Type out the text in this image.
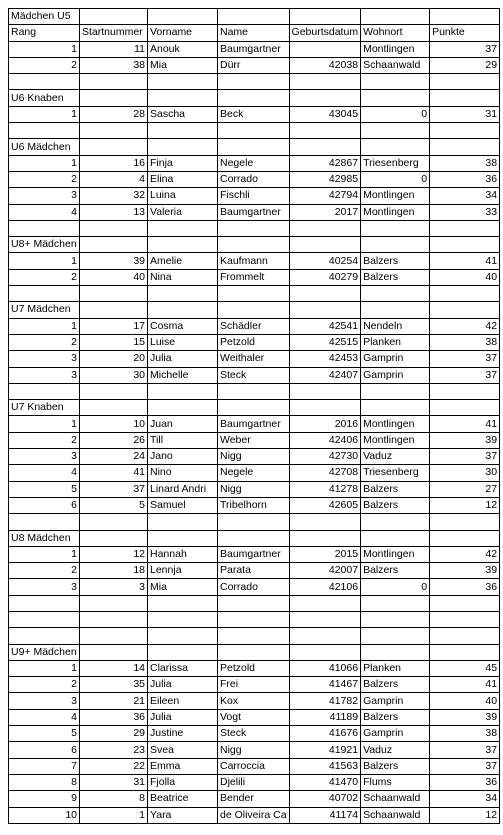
Mädchen U5						
Rang	Startnummer	Vorname	Name	Geburtsdatum	Wohnort	Punkte
1	11	Anouk	Baumgartner		Montlingen	37
2	38	Mia	Dürr	42038	Schaanwald	29

U6 Knaben						
1	28	Sascha	Beck	43045	0	31

U6 Mädchen						
1	16	Finja	Negele	42867	Triesenberg	38
2	4	Elina	Corrado	42985	0	36
3	32	Luina	Fischli	42794	Montlingen	34
4	13	Valeria	Baumgartner	2017	Montlingen	33

U8+ Mädchen						
1	39	Amelie	Kaufmann	40254	Balzers	41
2	40	Nina	Frommelt	40279	Balzers	40

U7 Mädchen						
1	17	Cosma	Schädler	42541	Nendeln	42
2	15	Luise	Petzold	42515	Planken	38
3	20	Julia	Weithaler	42453	Gamprin	37
3	30	Michelle	Steck	42407	Gamprin	37

U7 Knaben						
1	10	Juan	Baumgartner	2016	Montlingen	41
2	26	Till	Weber	42406	Montlingen	39
3	24	Jano	Nigg	42730	Vaduz	37
4	41	Nino	Negele	42708	Triesenberg	30
5	37	Linard Andri	Nigg	41278	Balzers	27
6	5	Samuel	Tribelhorn	42605	Balzers	12

U8 Mädchen						
1	12	Hannah	Baumgartner	2015	Montlingen	42
2	18	Lennja	Parata	42007	Balzers	39
3	3	Mia	Corrado	42106	0	36

U9+ Mädchen						
1	14	Clarissa	Petzold	41066	Planken	45
2	35	Julia	Frei	41467	Balzers	41
3	21	Eileen	Kox	41782	Gamprin	40
4	36	Julia	Vogt	41189	Balzers	39
5	29	Justine	Steck	41676	Gamprin	38
6	23	Svea	Nigg	41921	Vaduz	37
7	22	Emma	Carroccia	41563	Balzers	37
8	31	Fjolla	Djelili	41470	Flums	36
9	8	Beatrice	Bender	40702	Schaanwald	34
10	1	Yara	de Oliveira Ca	41174	Schaanwald	12
